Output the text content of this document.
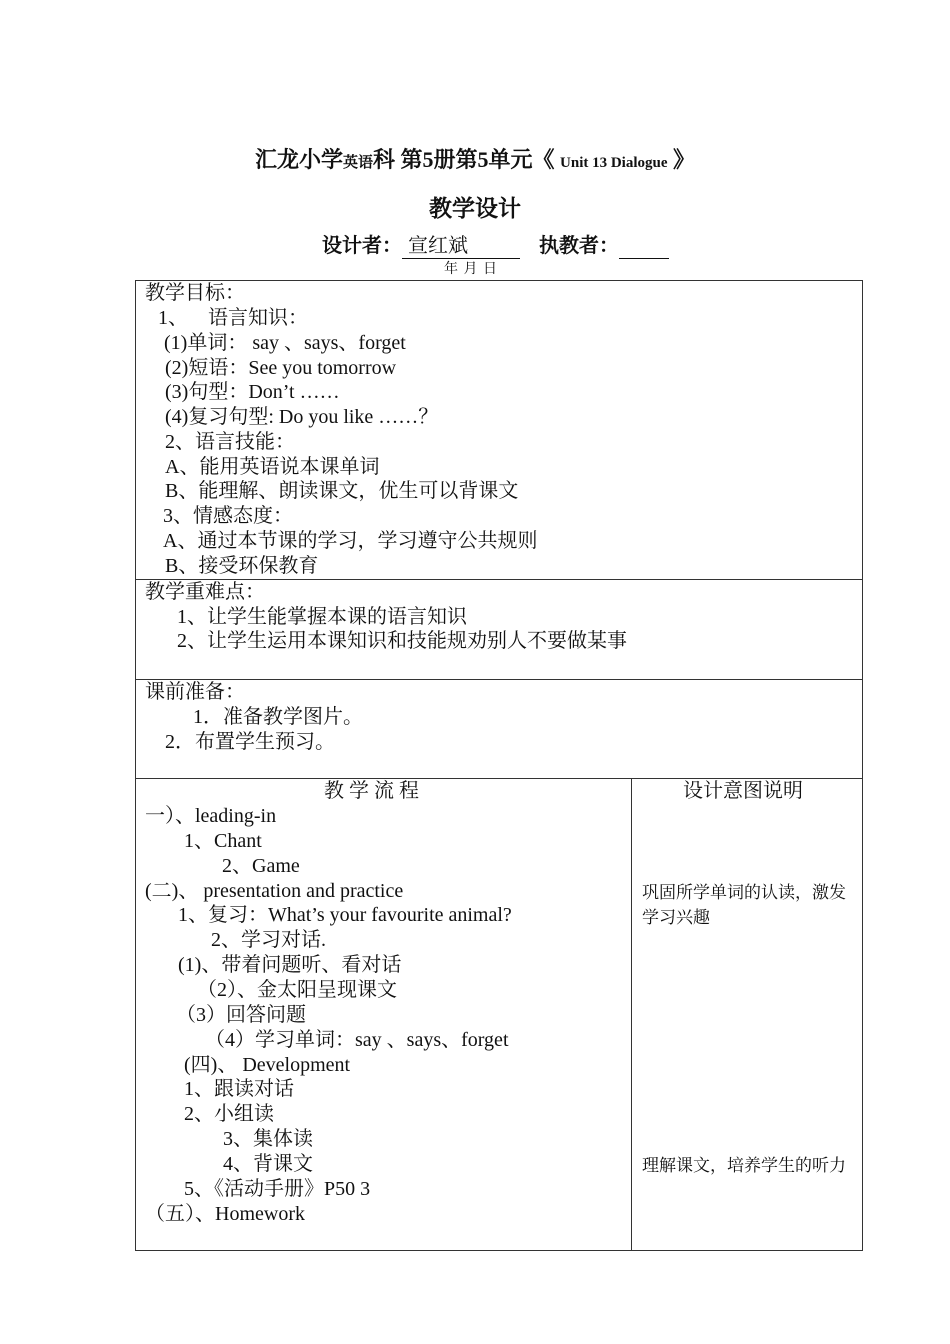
汇龙小学英语科 第5册第5单元《 Unit 13 Dialogue 》
教学设计
设计者： 宣红斌	执教者：
年 月 日
教学目标：
1、    语言知识：
(1)单词： say 、says、forget
(2)短语：See you tomorrow
(3)句型：Don’t ……
(4)复习句型: Do you like ……？
2、语言技能：
A、能用英语说本课单词
B、能理解、朗读课文，优生可以背课文
3、情感态度：
A、通过本节课的学习，学习遵守公共规则
B、接受环保教育
教学重难点：
1、让学生能掌握本课的语言知识
2、让学生运用本课知识和技能规劝别人不要做某事
课前准备：
1．准备教学图片。
2．布置学生预习。
教 学 流 程	设计意图说明
一）、leading-in
1、Chant
2、Game
(二)、 presentation and practice
1、复习：What’s your favourite animal?
2、学习对话.
(1)、带着问题听、看对话
（2）、金太阳呈现课文
（3）回答问题
（4）学习单词：say 、says、forget
(四)、 Development
1、跟读对话
2、小组读
3、集体读
4、背课文
5、《活动手册》P50 3
（五）、Homework
巩固所学单词的认读，激发学习兴趣
理解课文，培养学生的听力
